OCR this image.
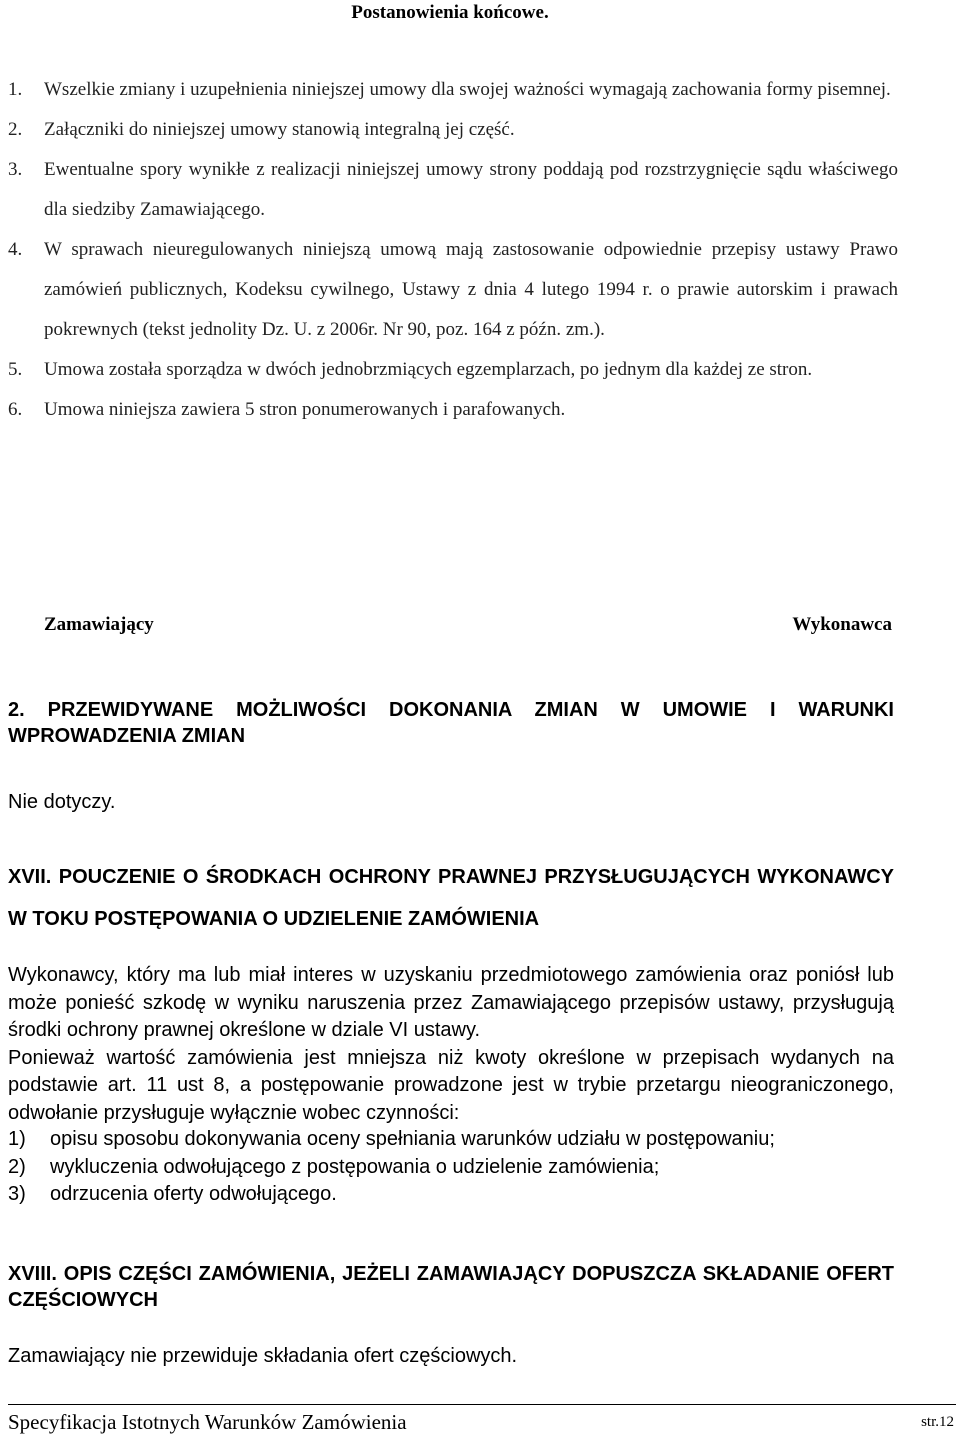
Postanowienia końcowe.
1. Wszelkie zmiany i uzupełnienia niniejszej umowy dla swojej ważności wymagają zachowania formy pisemnej.
2. Załączniki do niniejszej umowy stanowią integralną jej część.
3. Ewentualne spory wynikłe z realizacji niniejszej umowy strony poddają pod rozstrzygnięcie sądu właściwego dla siedziby Zamawiającego.
4. W sprawach nieuregulowanych niniejszą umową mają zastosowanie odpowiednie przepisy ustawy Prawo zamówień publicznych, Kodeksu cywilnego, Ustawy z dnia 4 lutego 1994 r. o prawie autorskim i prawach pokrewnych (tekst jednolity Dz. U. z 2006r. Nr 90, poz. 164 z późn. zm.).
5. Umowa została sporządza w dwóch jednobrzmiących egzemplarzach, po jednym dla każdej ze stron.
6. Umowa niniejsza zawiera 5 stron ponumerowanych i parafowanych.
Zamawiający	Wykonawca
2. PRZEWIDYWANE MOŻLIWOŚCI DOKONANIA ZMIAN W UMOWIE I WARUNKI WPROWADZENIA ZMIAN
Nie dotyczy.
XVII. POUCZENIE O ŚRODKACH OCHRONY PRAWNEJ PRZYSŁUGUJĄCYCH WYKONAWCY W TOKU POSTĘPOWANIA O UDZIELENIE ZAMÓWIENIA

Wykonawcy, który ma lub miał interes w uzyskaniu przedmiotowego zamówienia oraz poniósł lub może ponieść szkodę w wyniku naruszenia przez Zamawiającego przepisów ustawy, przysługują środki ochrony prawnej określone w dziale VI ustawy.

Ponieważ wartość zamówienia jest mniejsza niż kwoty określone w przepisach wydanych na podstawie art. 11 ust 8, a postępowanie prowadzone jest w trybie przetargu nieograniczonego, odwołanie przysługuje wyłącznie wobec czynności:

1) opisu sposobu dokonywania oceny spełniania warunków udziału w postępowaniu;
2) wykluczenia odwołującego z postępowania o udzielenie zamówienia;
3) odrzucenia oferty odwołującego.
XVIII. OPIS CZĘŚCI ZAMÓWIENIA, JEŻELI ZAMAWIAJĄCY DOPUSZCZA SKŁADANIE OFERT CZĘŚCIOWYCH
Zamawiający nie przewiduje składania ofert częściowych.
Specyfikacja Istotnych Warunków Zamówienia	str.12
